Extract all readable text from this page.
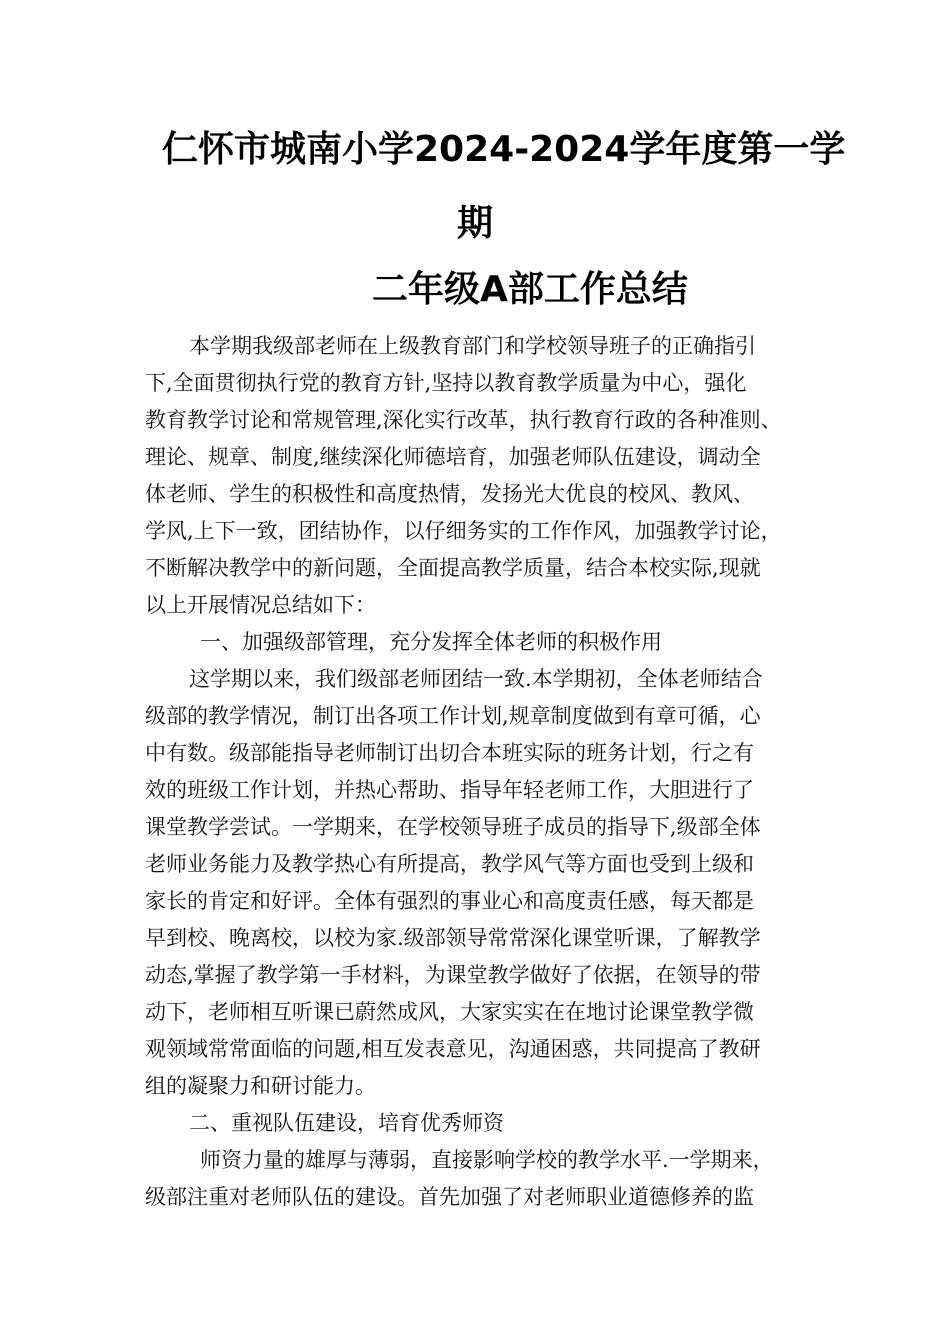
仁怀市城南小学2024-2024学年度第一学
期
二年级A部工作总结
本学期我级部老师在上级教育部门和学校领导班子的正确指引
下,全面贯彻执行党的教育方针,坚持以教育教学质量为中心，强化
教育教学讨论和常规管理,深化实行改革，执行教育行政的各种准则、
理论、规章、制度,继续深化师德培育，加强老师队伍建设，调动全
体老师、学生的积极性和高度热情，发扬光大优良的校风、教风、
学风,上下一致，团结协作，以仔细务实的工作作风，加强教学讨论，
不断解决教学中的新问题，全面提高教学质量，结合本校实际,现就
以上开展情况总结如下：
一、加强级部管理，充分发挥全体老师的积极作用
这学期以来，我们级部老师团结一致.本学期初，全体老师结合
级部的教学情况，制订出各项工作计划,规章制度做到有章可循，心
中有数。级部能指导老师制订出切合本班实际的班务计划，行之有
效的班级工作计划，并热心帮助、指导年轻老师工作，大胆进行了
课堂教学尝试。一学期来，在学校领导班子成员的指导下,级部全体
老师业务能力及教学热心有所提高，教学风气等方面也受到上级和
家长的肯定和好评。全体有强烈的事业心和高度责任感，每天都是
早到校、晚离校，以校为家.级部领导常常深化课堂听课，了解教学
动态,掌握了教学第一手材料，为课堂教学做好了依据，在领导的带
动下，老师相互听课已蔚然成风，大家实实在在地讨论课堂教学微
观领域常常面临的问题,相互发表意见，沟通困惑，共同提高了教研
组的凝聚力和研讨能力。
二、重视队伍建设，培育优秀师资
师资力量的雄厚与薄弱，直接影响学校的教学水平.一学期来，
级部注重对老师队伍的建设。首先加强了对老师职业道德修养的监
